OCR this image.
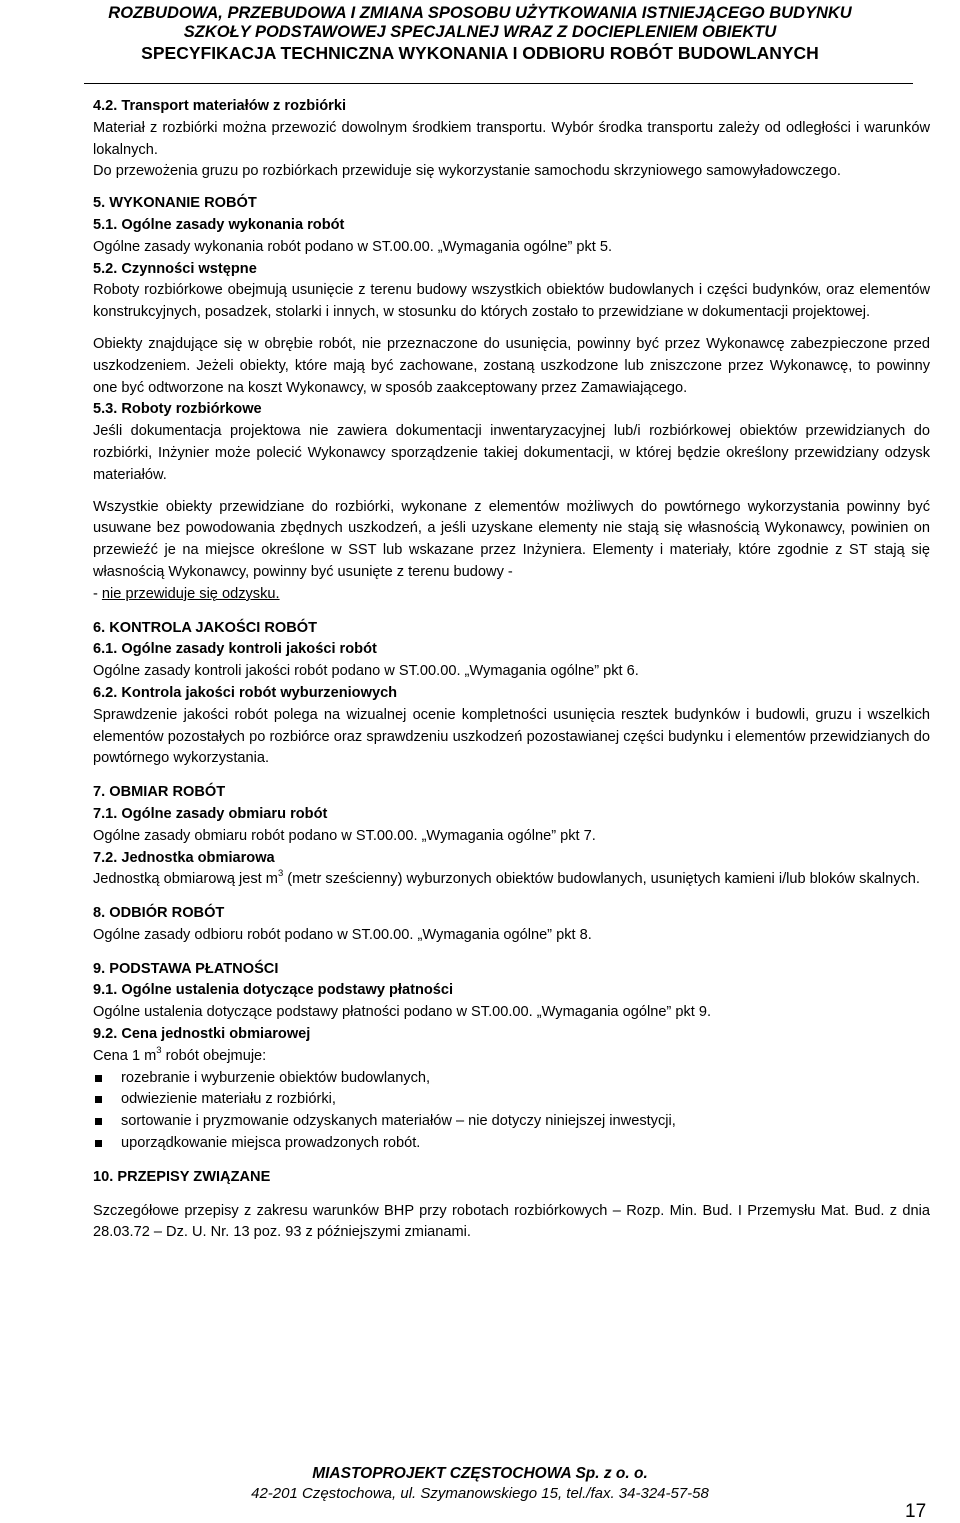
ROZBUDOWA, PRZEBUDOWA I ZMIANA SPOSOBU UŻYTKOWANIA ISTNIEJĄCEGO BUDYNKU
SZKOŁY PODSTAWOWEJ SPECJALNEJ WRAZ Z DOCIEPLENIEM OBIEKTU
SPECYFIKACJA TECHNICZNA WYKONANIA I ODBIORU ROBÓT BUDOWLANYCH

4.2. Transport materiałów z rozbiórki

Materiał z rozbiórki można przewozić dowolnym środkiem transportu. Wybór środka transportu zależy od odległości i warunków lokalnych.

Do przewożenia gruzu po rozbiórkach przewiduje się wykorzystanie samochodu skrzyniowego samowyładowczego.

5. WYKONANIE ROBÓT

5.1. Ogólne zasady wykonania robót

Ogólne zasady wykonania robót podano w ST.00.00. „Wymagania ogólne” pkt 5.

5.2. Czynności wstępne

Roboty rozbiórkowe obejmują usunięcie z terenu budowy wszystkich obiektów budowlanych i części budynków, oraz elementów konstrukcyjnych, posadzek, stolarki i innych, w stosunku do których zostało to przewidziane w dokumentacji projektowej.

Obiekty znajdujące się w obrębie robót, nie przeznaczone do usunięcia, powinny być przez Wykonawcę zabezpieczone przed uszkodzeniem. Jeżeli obiekty, które mają być zachowane, zostaną uszkodzone lub zniszczone przez Wykonawcę, to powinny one być odtworzone na koszt Wykonawcy, w sposób zaakceptowany przez Zamawiającego.

5.3. Roboty rozbiórkowe

Jeśli dokumentacja projektowa nie zawiera dokumentacji inwentaryzacyjnej lub/i rozbiórkowej obiektów przewidzianych do rozbiórki, Inżynier może polecić Wykonawcy sporządzenie takiej dokumentacji, w której będzie określony przewidziany odzysk materiałów.

Wszystkie obiekty przewidziane do rozbiórki, wykonane z elementów możliwych do powtórnego wykorzystania powinny być usuwane bez powodowania zbędnych uszkodzeń, a jeśli uzyskane elementy nie stają się własnością Wykonawcy, powinien on przewieźć je na miejsce określone w SST lub wskazane przez Inżyniera. Elementy i materiały, które zgodnie z ST stają się własnością Wykonawcy, powinny być usunięte z terenu budowy -

- nie przewiduje się odzysku.

6. KONTROLA JAKOŚCI ROBÓT

6.1. Ogólne zasady kontroli jakości robót

Ogólne zasady kontroli jakości robót podano w ST.00.00. „Wymagania ogólne” pkt 6.

6.2. Kontrola jakości robót wyburzeniowych

Sprawdzenie jakości robót polega na wizualnej ocenie kompletności usunięcia resztek budynków i budowli, gruzu i wszelkich elementów pozostałych po rozbiórce oraz sprawdzeniu uszkodzeń pozostawianej części budynku i elementów przewidzianych do powtórnego wykorzystania.

7. OBMIAR ROBÓT

7.1. Ogólne zasady obmiaru robót

Ogólne zasady obmiaru robót podano w ST.00.00. „Wymagania ogólne” pkt 7.

7.2. Jednostka obmiarowa

Jednostką obmiarową jest $m^3$ (metr sześcienny) wyburzonych obiektów budowlanych, usuniętych kamieni i/lub bloków skalnych.

8. ODBIÓR ROBÓT

Ogólne zasady odbioru robót podano w ST.00.00. „Wymagania ogólne” pkt 8.

9. PODSTAWA PŁATNOŚCI

9.1. Ogólne ustalenia dotyczące podstawy płatności

Ogólne ustalenia dotyczące podstawy płatności podano w ST.00.00. „Wymagania ogólne” pkt 9.

9.2. Cena jednostki obmiarowej

Cena 1 $m^3$ robót obejmuje:

rozebranie i wyburzenie obiektów budowlanych,
odwiezienie materiału z rozbiórki,
sortowanie i pryzmowanie odzyskanych materiałów – nie dotyczy niniejszej inwestycji,
uporządkowanie miejsca prowadzonych robót.

10. PRZEPISY ZWIĄZANE

Szczegółowe przepisy z zakresu warunków BHP przy robotach rozbiórkowych – Rozp. Min. Bud. I Przemysłu Mat. Bud. z dnia 28.03.72 – Dz. U. Nr. 13 poz. 93 z późniejszymi zmianami.

MIASTOPROJEKT CZĘSTOCHOWA Sp. z o. o.
42-201 Częstochowa, ul. Szymanowskiego 15, tel./fax. 34-324-57-58
17
